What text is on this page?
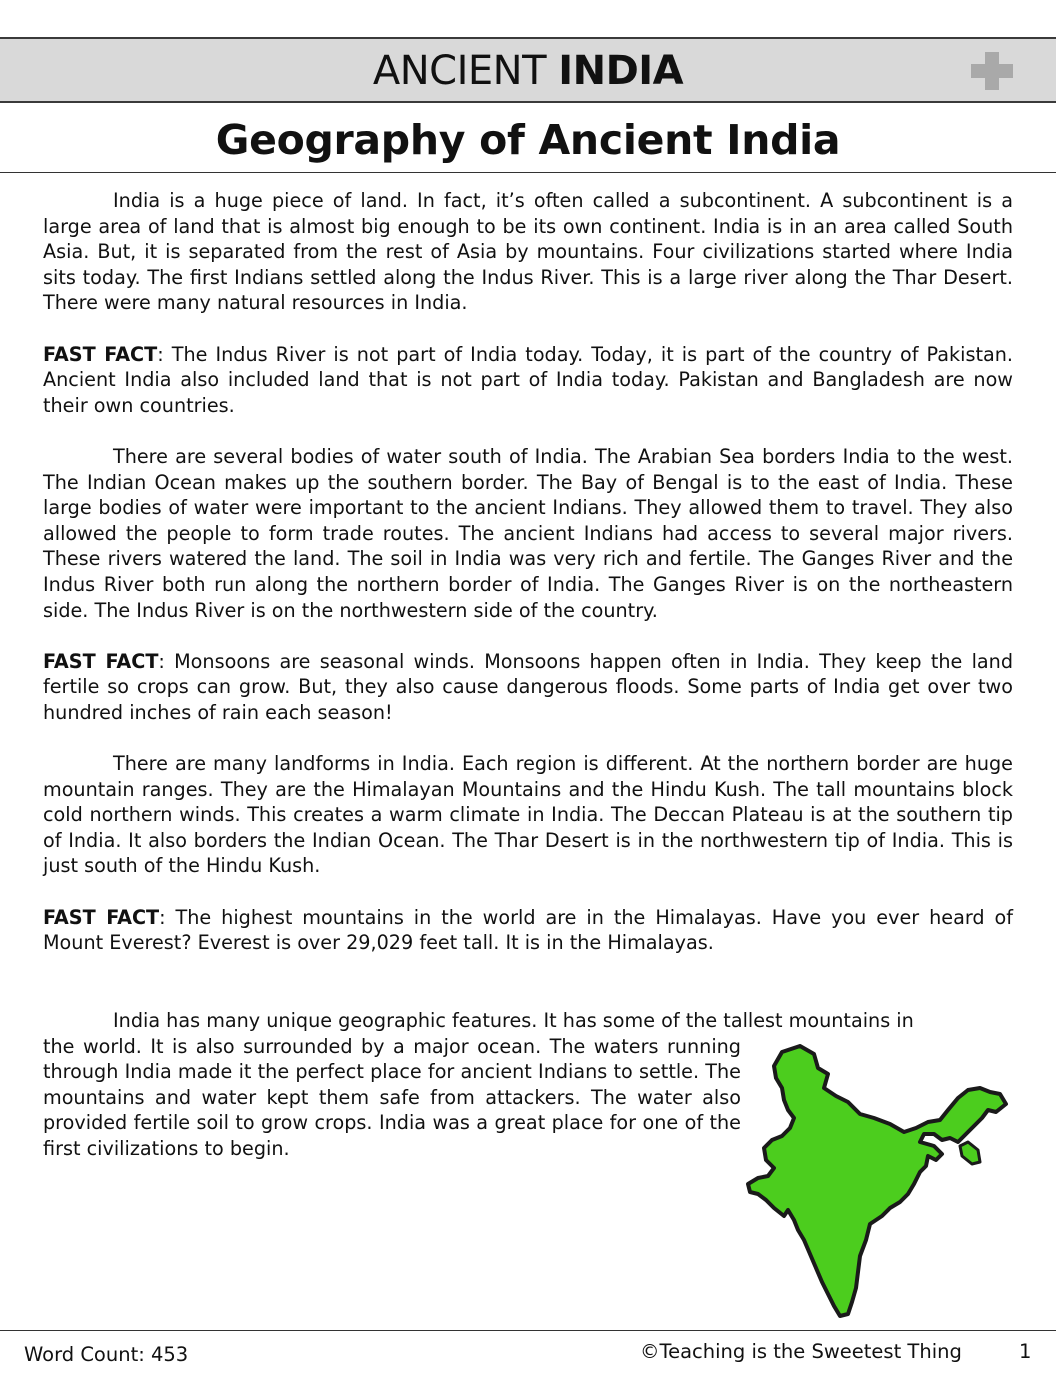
ANCIENT INDIA
Geography of Ancient India

India is a huge piece of land. In fact, it’s often called a subcontinent. A subcontinent is a large area of land that is almost big enough to be its own continent. India is in an area called South Asia. But, it is separated from the rest of Asia by mountains. Four civilizations started where India sits today. The first Indians settled along the Indus River. This is a large river along the Thar Desert. There were many natural resources in India.

FAST FACT: The Indus River is not part of India today. Today, it is part of the country of Pakistan. Ancient India also included land that is not part of India today. Pakistan and Bangladesh are now their own countries.

There are several bodies of water south of India. The Arabian Sea borders India to the west. The Indian Ocean makes up the southern border. The Bay of Bengal is to the east of India. These large bodies of water were important to the ancient Indians. They allowed them to travel. They also allowed the people to form trade routes. The ancient Indians had access to several major rivers. These rivers watered the land. The soil in India was very rich and fertile. The Ganges River and the Indus River both run along the northern border of India. The Ganges River is on the northeastern side. The Indus River is on the northwestern side of the country.

FAST FACT: Monsoons are seasonal winds. Monsoons happen often in India. They keep the land fertile so crops can grow. But, they also cause dangerous floods. Some parts of India get over two hundred inches of rain each season!

There are many landforms in India. Each region is different. At the northern border are huge mountain ranges. They are the Himalayan Mountains and the Hindu Kush. The tall mountains block cold northern winds. This creates a warm climate in India. The Deccan Plateau is at the southern tip of India. It also borders the Indian Ocean. The Thar Desert is in the northwestern tip of India. This is just south of the Hindu Kush.

FAST FACT: The highest mountains in the world are in the Himalayas. Have you ever heard of Mount Everest? Everest is over 29,029 feet tall. It is in the Himalayas.

India has many unique geographic features. It has some of the tallest mountains in

the world. It is also surrounded by a major ocean. The waters running through India made it the perfect place for ancient Indians to settle. The mountains and water kept them safe from attackers. The water also provided fertile soil to grow crops. India was a great place for one of the first civilizations to begin.

Word Count: 453	©Teaching is the Sweetest Thing	1
